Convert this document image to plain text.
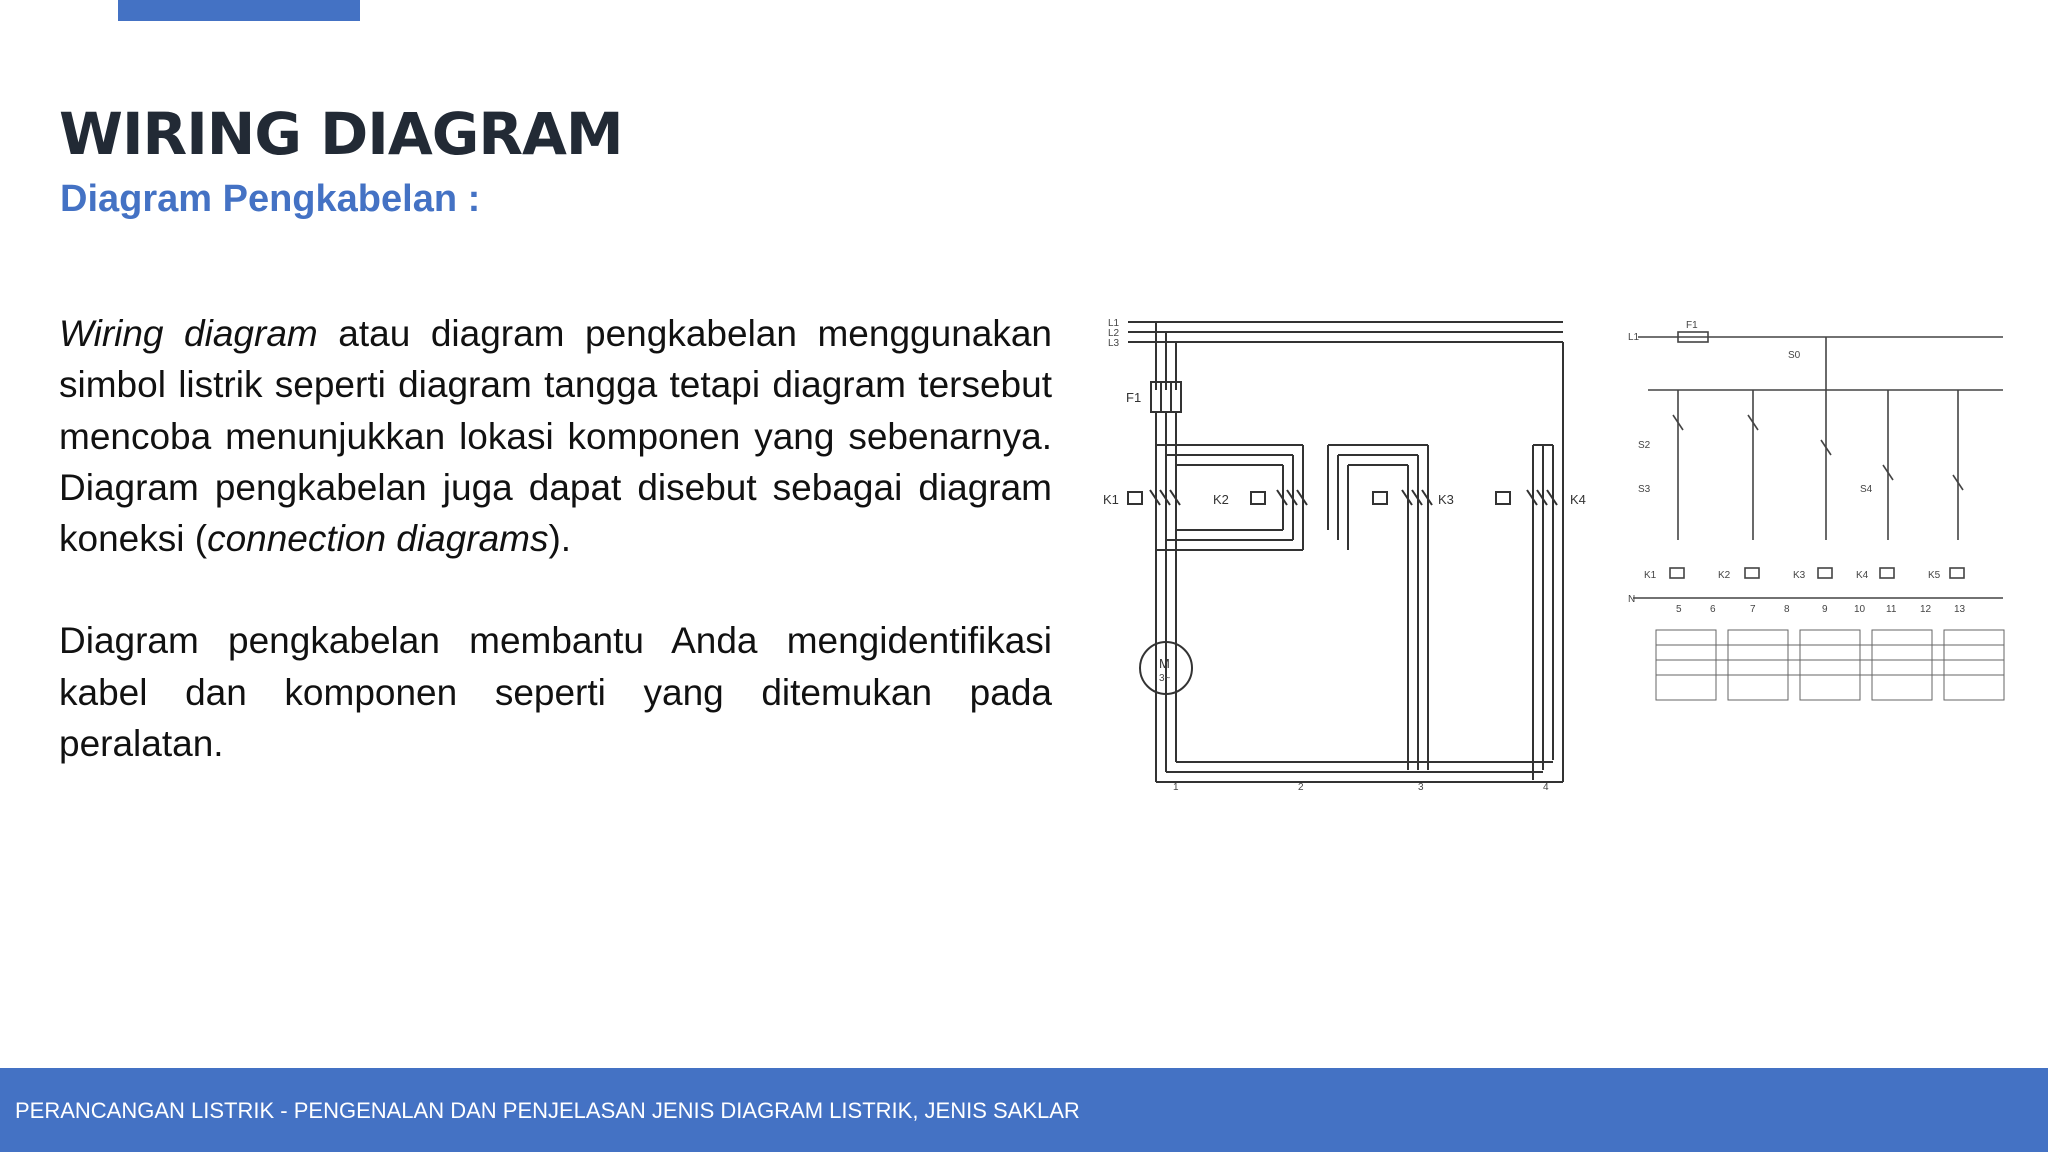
WIRING DIAGRAM
Diagram Pengkabelan :

Wiring diagram atau diagram pengkabelan menggunakan simbol listrik seperti diagram tangga tetapi diagram tersebut mencoba menunjukkan lokasi komponen yang sebenarnya. Diagram pengkabelan juga dapat disebut sebagai diagram koneksi (connection diagrams).

Diagram pengkabelan membantu Anda mengidentifikasi kabel dan komponen seperti yang ditemukan pada peralatan.

L1
L2
L3
F1
K1	K2	K3	K4
M
3~
1	2	3	4
L1
F1
S0
S2
S3	S4
K1	K2	K3	K4	K5
N
5	6	7	8	9	10 11 12 13
PERANCANGAN LISTRIK - PENGENALAN DAN PENJELASAN JENIS DIAGRAM LISTRIK, JENIS SAKLAR
